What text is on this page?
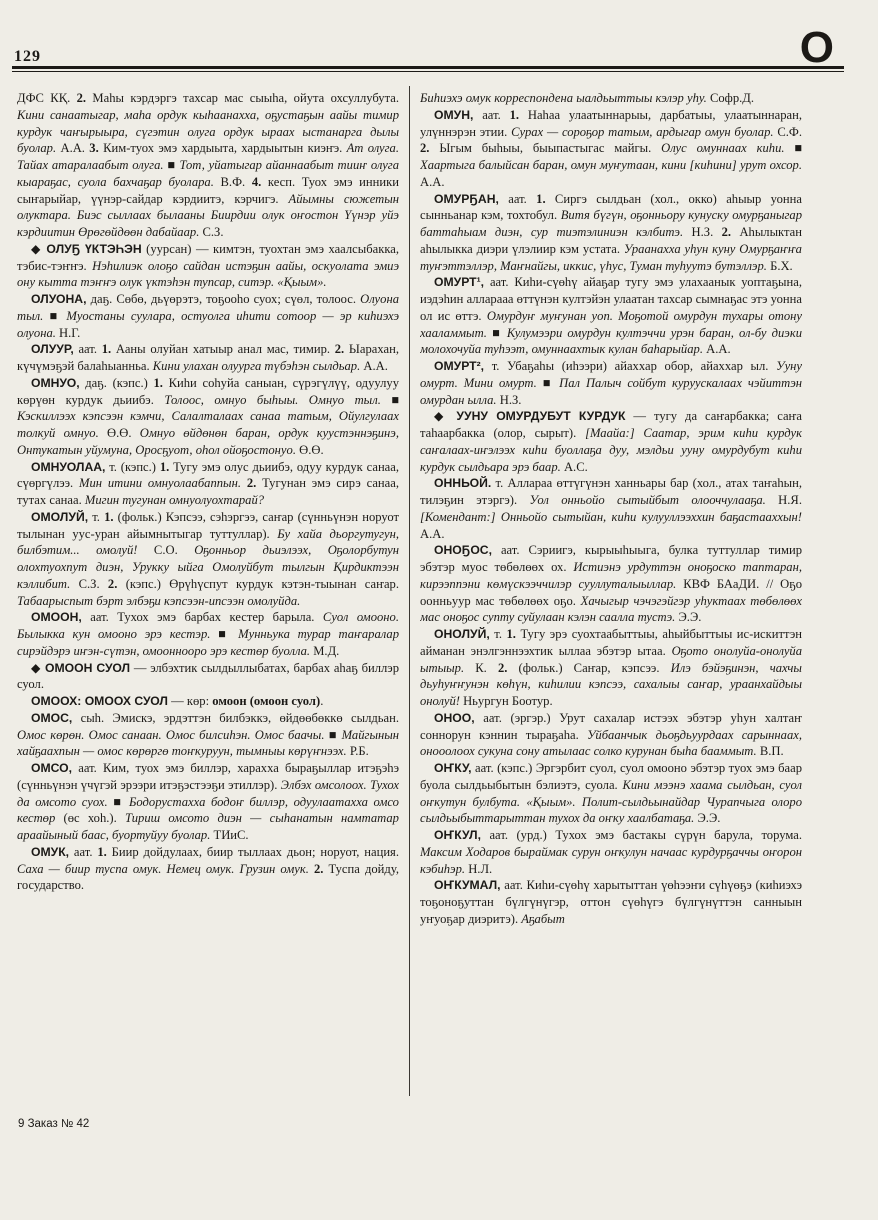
129	О

ДФС КҚ. 2. Маһы кэрдэргэ тахсар мас сыыһа, ойута охсуллубута. Кини санаатыгар, маһа ордук кыһаанахха, оҕустаҕын аайы тимир курдук чаҥырыыра, сүгэтин олуга ордук ыраах ыстанарга дылы буолар. А.А. 3. Ким-туох эмэ хардыыта, хардыытын киэҥэ. Ат олуга. Тайах атаралаабыт олуга. ■ Тот, уйатыгар айаннаабыт тииҥ олуга кыараҕас, суола бахчаҕар буолара. В.Ф. 4. кесп. Туох эмэ инники сыҥарыйар, үүнэр-сайдар кэрдиитэ, кэрчигэ. Айымны сюжетын олуктара. Биэс сыллаах былааны Биирдии олук оҥостон Үүнэр уйэ кэрдиитин Өрөгөйдөөн дабайаар. С.З.

◆ ОЛУҔ ҮКТЭҺЭН (уурсан) — кимтэн, туохтан эмэ хаалсыбакка, тэбис-тэҥҥэ. Нэһилиэк олоҕо сайдан истэҕин аайы, оскуолата эмиэ ону кытта тэҥҥэ олук үктэһэн тупсар, ситэр. «Қыым».

ОЛУОНА, даҕ. Сөбө, дьүөрэтэ, тоҕооһо суох; сүөл, толоос. Олуона тыл. ■ Муостаны суулара, остуолга иһити сотоор — эр киһиэхэ олуона. Н.Г.

ОЛУУР, аат. 1. Ааны олуйан хатыыр анал мас, тимир. 2. Ыарахан, күчүмэҕэй балаһыанньа. Кини улахан олуурга түбэһэн сылдьар. А.А.

ОМНУО, даҕ. (кэпс.) 1. Киһи соһуйа саныан, сүрэгүлүү, одуулуу көрүөн курдук дьиибэ. Толоос, омнуо быһыы. Омнуо тыл. ■ Кэскиллээх кэпсээн кэмчи, Салалталаах санаа татым, Ойулгулаах толкуй омнуо. Ө.Ө. Омнуо өйдөнөн баран, ордук куустэннэҕинэ, Онтукатын уйумуна, Оросҕуот, оһол ойоҕостонуо. Ө.Ө.

ОМНУОЛАА, т. (кэпс.) 1. Тугу эмэ олус дьиибэ, одуу курдук санаа, сүөргүлээ. Мин итини омнуолаабаппын. 2. Тугунан эмэ сирэ санаа, тутах санаа. Мигин тугунан омнуолуохтарай?

ОМОЛУЙ, т. 1. (фольк.) Кэпсээ, сэһэргээ, саҥар (сүнньүнэн норуот тылынан уус-уран айымнытыгар туттуллар). Бу хайа дьоргутугун, билбэтим... омолуй! С.О. Оҕонньор дьиэлээх, Оҕолорбутун олохтуохпут диэн, Урукку ыйга Омолуйбут тылгын Қирдиктээн кэллибит. С.З. 2. (кэпс.) Өрүһүспут курдук кэтэн-тыынан саҥар. Табаарыспыт бэрт элбэҕи кэпсээн-ипсээн омолуйда.

ОМООН, аат. Тухох эмэ барбах кестер барыла. Суол омооно. Былыкка кун омооно эрэ кестэр. ■ Мунньука турар таҥаралар сирэйдэрэ иҥэн-сүтэн, омооннооро эрэ кестөр буолла. М.Д.

◆ ОМООН СУОЛ — элбэхтик сылдыллыбатах, барбах аһаҕ биллэр суол.

ОМООХ: ОМООХ СУОЛ — көр: омоон (омоон суол).

ОМОС, сыһ. Эмискэ, эрдэттэн билбэккэ, өйдөөбөккө сылдьан. Омос көрөн. Омос санаан. Омос билсиһэн. Омос баачы. ■ Майгынын хайҕаахпын — омос көрөргө тоҥкуруун, тымныы көрүҥнээх. Р.Б.

ОМСО, аат. Ким, туох эмэ биллэр, харахха быраҕыллар итэҕэһэ (сүнньүнэн үчүгэй эрээри итэҕэстээҕи этиллэр). Элбэх омсолоох. Тухох да омсото суох. ■ Бодорустахха бодоҥ биллэр, одуулаатахха омсо кестөр (өс хоһ.). Тириш омсото диэн — сыһанатын намтатар араайыный баас, буортуйуу буолар. ТИиС.

ОМУК, аат. 1. Биир дойдулаах, биир тыллаах дьон; норуот, нация. Саха — биир туспа омук. Немец омук. Грузин омук. 2. Туспа дойду, государство.

Биһиэхэ омук корреспондена ыалдьыттыы кэлэр уһу. Софр.Д.

ОМУН, аат. 1. Наһаа улаатыннарыы, дарбатыы, улаатыннаран, улүннэрэн этии. Сурах — сороҕор татым, ардыгар омун буолар. С.Ф. 2. Ыгым быһыы, быыпастыгас майгы. Олус омуннаах киһи. ■ Хаартыга балыйсан баран, омун муҥутаан, кини [киһини] урут охсор. А.А.

ОМУРҔАН, аат. 1. Сиргэ сылдьан (хол., окко) аһыыр уонна сынньанар кэм, тохтобул. Витя бүгүн, оҕонньору кунуску омурҕаныгар баттаһыам диэн, сур тиэтэлиниэн кэлбитэ. Н.З. 2. Аһылыктан аһылыкка диэри үлэлиир кэм устата. Ураанахха уһун куну Омурҕаҥҥа туҥэттэллэр, Маҥнайгы, иккис, үһус, Туман туһуутэ бутэллэр. Б.Х.

ОМУРТ¹, аат. Киһи-сүөһү айаҕар тугу эмэ улахаанык уоптаҕына, иэдэһин алларааа өттүнэн култэйэн улаатан тахсар сымнаҕас этэ уонна ол ис өттэ. Омурдуҥ муҥунан уоп. Моҕотой омурдун тухары отону хааламмыт. ■ Кулумээри омурдун култэччи урэн баран, ол-бу диэки молохочуйа туһээт, омуннаахтык кулан баһарыйар. А.А.

ОМУРТ², т. Убаҕаһы (иһээри) айаххар обор, айаххар ыл. Ууну омурт. Мини омурт. ■ Пал Палыч сойбут куруускалаах чэйиттэн омурдан ылла. Н.З.

◆ УУНУ ОМУРДУБУТ КУРДУК — тугу да саҥарбакка; саҥа таһаарбакка (олор, сырыт). [Маайа:] Саатар, эрим киһи курдук саҥалаах-иҥэлээх киһи буоллаҕа дуу, мэлдьи ууну омурдубут киһи курдук сылдьара эрэ баар. А.С.

ОННЬОЙ. т. Аллараа өттүгүнэн ханньары бар (хол., атах таҥаһын, тилэҕин этэргэ). Уол онньойо сытыйбыт олооччулааҕа. Н.Я. [Комендант:] Онньойо сытыйан, киһи кулууллээххин баҕастааххын! А.А.

ОНОҔОС, аат. Сэриигэ, кырыыһыыга, булка туттуллар тимир эбэтэр муос төбөлөөх ох. Истиэнэ урдуттэн оноҕоско таптаран, кирээппэни көмүскээччилэр сууллуталыыллар. КВФ БАаДИ. // Оҕо оонньуур мас төбөлөөх оҕо. Хачыгыр чэчэгэйгэр уһуктаах төбөлөөх мас оноҕос супту суйулаан кэлэн саалла тустэ. Э.Э.

ОНОЛУЙ, т. 1. Тугу эрэ суохтаабыттыы, аһыйбыттыы ис-искиттэн айманан энэлгэннээхтик ыллаа эбэтэр ытаа. Оҕото онолуйа-онолуйа ытыыр. К. 2. (фольк.) Саҥар, кэпсээ. Илэ бэйэҕинэн, чахчы дьуһуҥҥунэн көһүн, киһилии кэпсээ, сахалыы саҥар, ураанхайдыы онолуй! Ньургун Боотур.

ОНОО, аат. (эргэр.) Урут сахалар истээх эбэтэр уһун халтаҥ соннорун кэннин тыраҕаһа. Уйбаанчык дьоҕдьуурдаах сарыннаах, онооолоох сукуна сону атылаас солко курунан быһа бааммыт. В.П.

ОҤКУ, аат. (кэпс.) Эргэрбит суол, суол омооно эбэтэр туох эмэ баар буола сылдьыбытын бэлиэтэ, суола. Кини мээнэ хаама сылдьан, суол оҥкутун булбута. «Қыым». Полит-сылдьынайдар Чурапчыга олоро сылдьыбыттарыттан тухох да оҥку хаалбатаҕа. Э.Э.

ОҤКУЛ, аат. (урд.) Тухох эмэ бастакы сүрүн барула, торума. Максим Ходаров быраймак сурун оҥкулун начаас курдурҕаччы оҥорон кэбиһэр. Н.Л.

ОҤКУМАЛ, аат. Киһи-сүөһү харытыттан үөһээҥи сүһүөҕэ (киһиэхэ тоҕоноҕуттан бүлгүнүгэр, оттон сүөһүгэ бүлгүнүттэн санныын уҥуоҕар диэритэ). Аҕабыт

9 Заказ № 42
